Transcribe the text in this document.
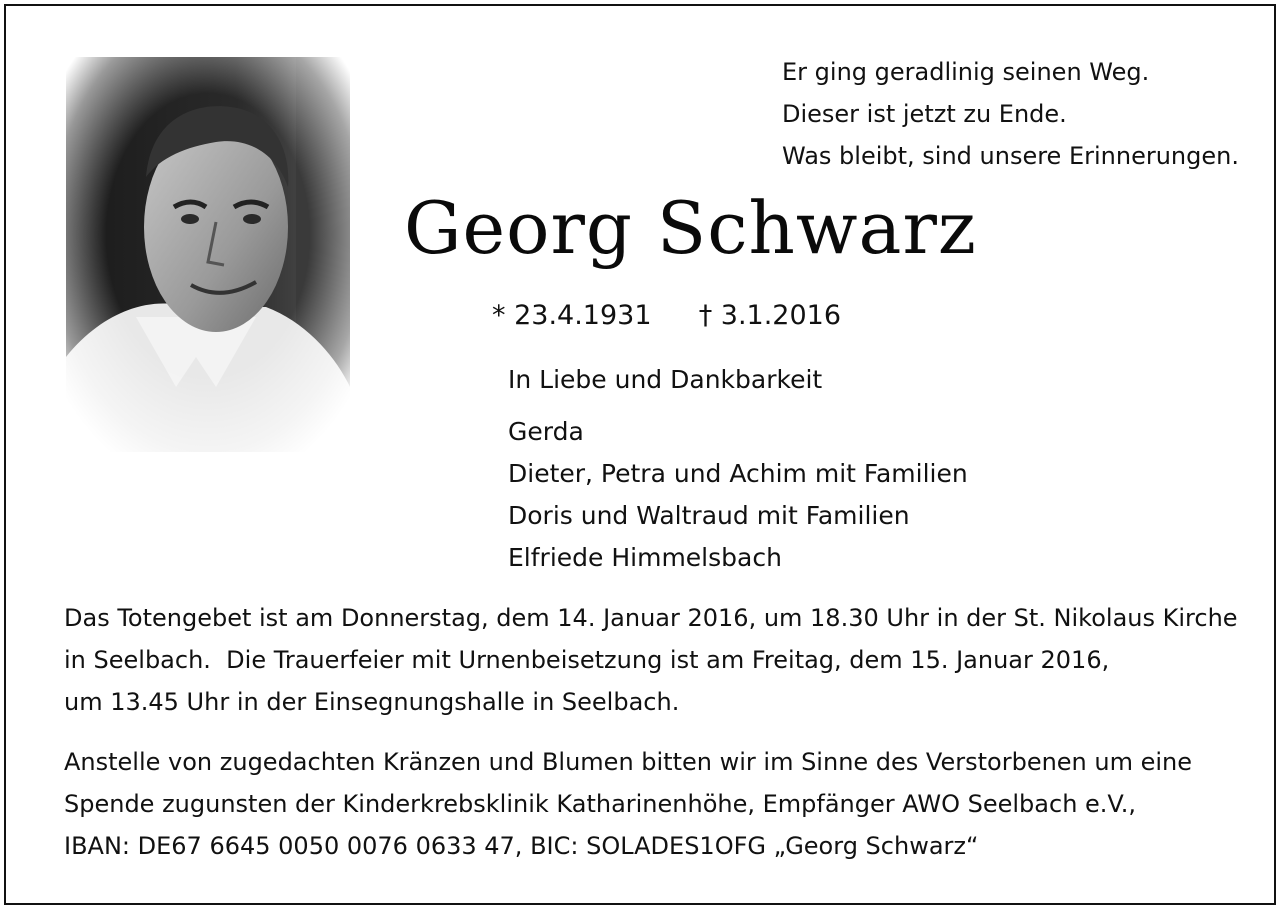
Er ging geradlinig seinen Weg.
Dieser ist jetzt zu Ende.
Was bleibt, sind unsere Erinnerungen.
Georg Schwarz
* 23.4.1931 † 3.1.2016
In Liebe und Dankbarkeit
Gerda
Dieter, Petra und Achim mit Familien
Doris und Waltraud mit Familien
Elfriede Himmelsbach
Das Totengebet ist am Donnerstag, dem 14. Januar 2016, um 18.30 Uhr in der St. Nikolaus Kirche
in Seelbach.  Die Trauerfeier mit Urnenbeisetzung ist am Freitag, dem 15. Januar 2016,
um 13.45 Uhr in der Einsegnungshalle in Seelbach.
Anstelle von zugedachten Kränzen und Blumen bitten wir im Sinne des Verstorbenen um eine
Spende zugunsten der Kinderkrebsklinik Katharinenhöhe, Empfänger AWO Seelbach e.V.,
IBAN: DE67 6645 0050 0076 0633 47, BIC: SOLADES1OFG „Georg Schwarz“
